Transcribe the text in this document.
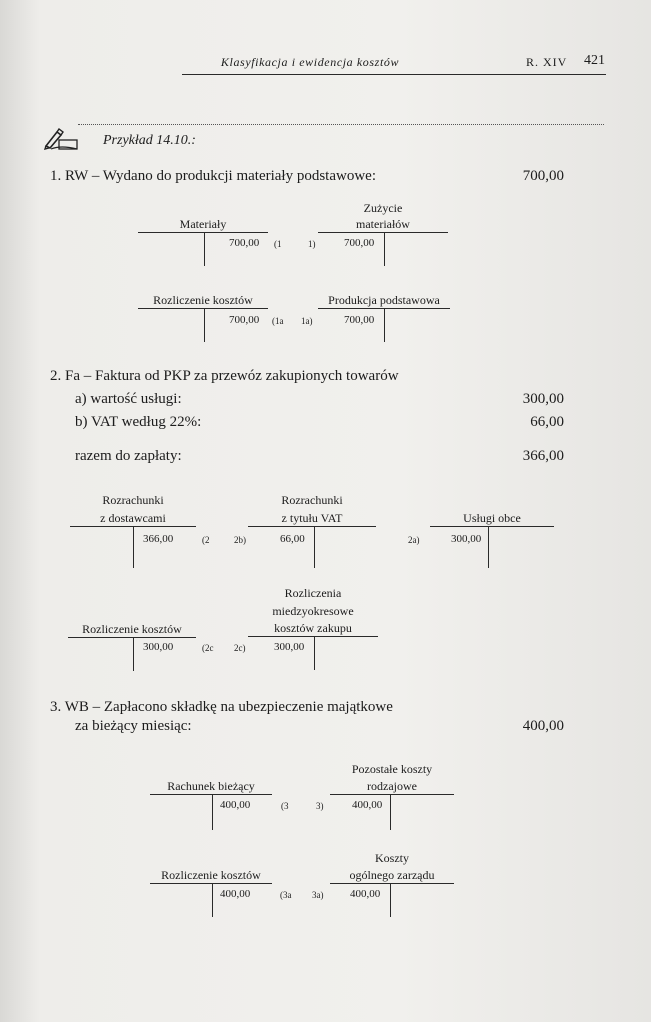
Klasyfikacja i ewidencja kosztów	R. XIV 421
Przykład 14.10.:
1. RW – Wydano do produkcji materiały podstawowe:	700,00
Materiały
700,00 (1
Zużycie
materiałów
1)	700,00
Rozliczenie kosztów
700,00 (1a
Produkcja podstawowa
1a)	700,00
2. Fa – Faktura od PKP za przewóz zakupionych towarów
a) wartość usługi:	300,00
b) VAT według 22%:	66,00
razem do zapłaty:	366,00
Rozrachunki
z dostawcami
366,00	(2
Rozrachunki
z tytułu VAT
2b)	66,00
Usługi obce
2a)	300,00
Rozliczenie kosztów
300,00	(2c
Rozliczenia
miedzyokresowe
kosztów zakupu
2c)	300,00
3. WB – Zapłacono składkę na ubezpieczenie majątkowe
za bieżący miesiąc:	400,00
Rachunek bieżący
400,00	(3
Pozostałe koszty
rodzajowe
3)	400,00
Rozliczenie kosztów
400,00	(3a
Koszty
ogólnego zarządu
3a) 400,00
